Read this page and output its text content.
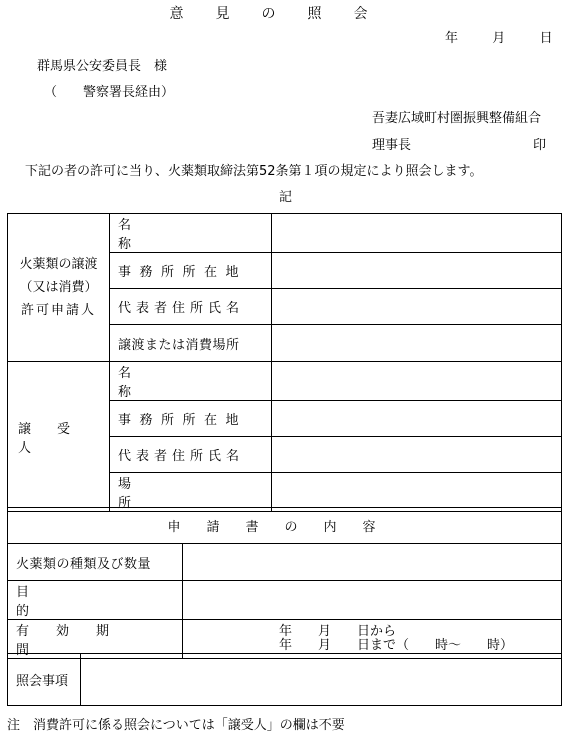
意見の照会
年	月	日
群馬県公安委員長　様
（　　警察署長経由）
吾妻広域町村圏振興整備組合
理事長	印
下記の者の許可に当り、火薬類取締法第52条第１項の規定により照会します。
記
火薬類の譲渡
（又は消費）
許可申請人	名称	

	事務所所在地	
	代表者住所氏名	
	譲渡または消費場所	
譲受人	名称	
	事務所所在地	
	代表者住所氏名	
	場所	
申請書の内容	
火薬類の種類及び数量	
目的	
有効期間	年　　月　　日から
年　　月　　日まで（　　時～　　時）
照会事項	
注　消費許可に係る照会については「譲受人」の欄は不要
